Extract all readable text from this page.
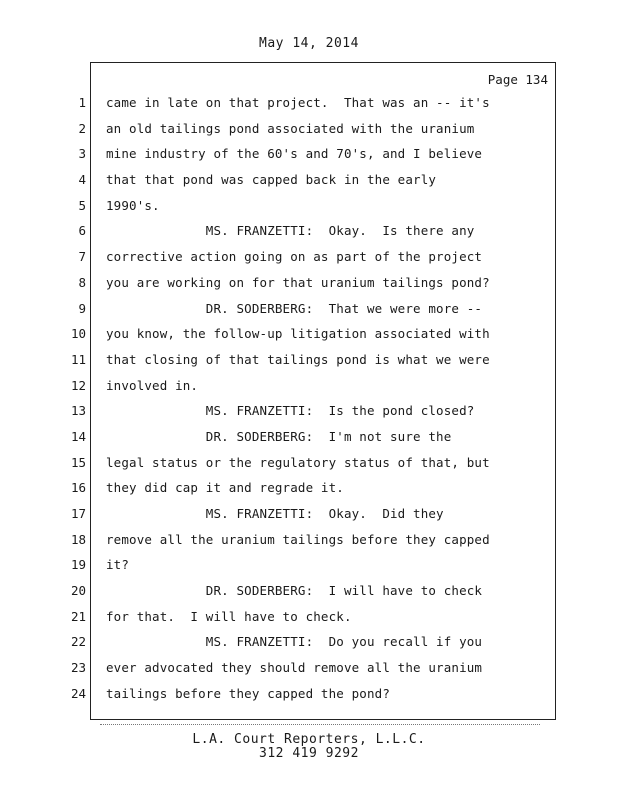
May 14, 2014
Page 134
1
2
3
4
5
6
7
8
9
10
11
12
13
14
15
16
17
18
19
20
21
22
23
24
came in late on that project.  That was an -- it's
an old tailings pond associated with the uranium
mine industry of the 60's and 70's, and I believe
that that pond was capped back in the early
1990's.
MS. FRANZETTI:  Okay.  Is there any
corrective action going on as part of the project
you are working on for that uranium tailings pond?
DR. SODERBERG:  That we were more --
you know, the follow-up litigation associated with
that closing of that tailings pond is what we were
involved in.
MS. FRANZETTI:  Is the pond closed?
DR. SODERBERG:  I'm not sure the
legal status or the regulatory status of that, but
they did cap it and regrade it.
MS. FRANZETTI:  Okay.  Did they
remove all the uranium tailings before they capped
it?
DR. SODERBERG:  I will have to check
for that.  I will have to check.
MS. FRANZETTI:  Do you recall if you
ever advocated they should remove all the uranium
tailings before they capped the pond?
L.A. Court Reporters, L.L.C.
312 419 9292
